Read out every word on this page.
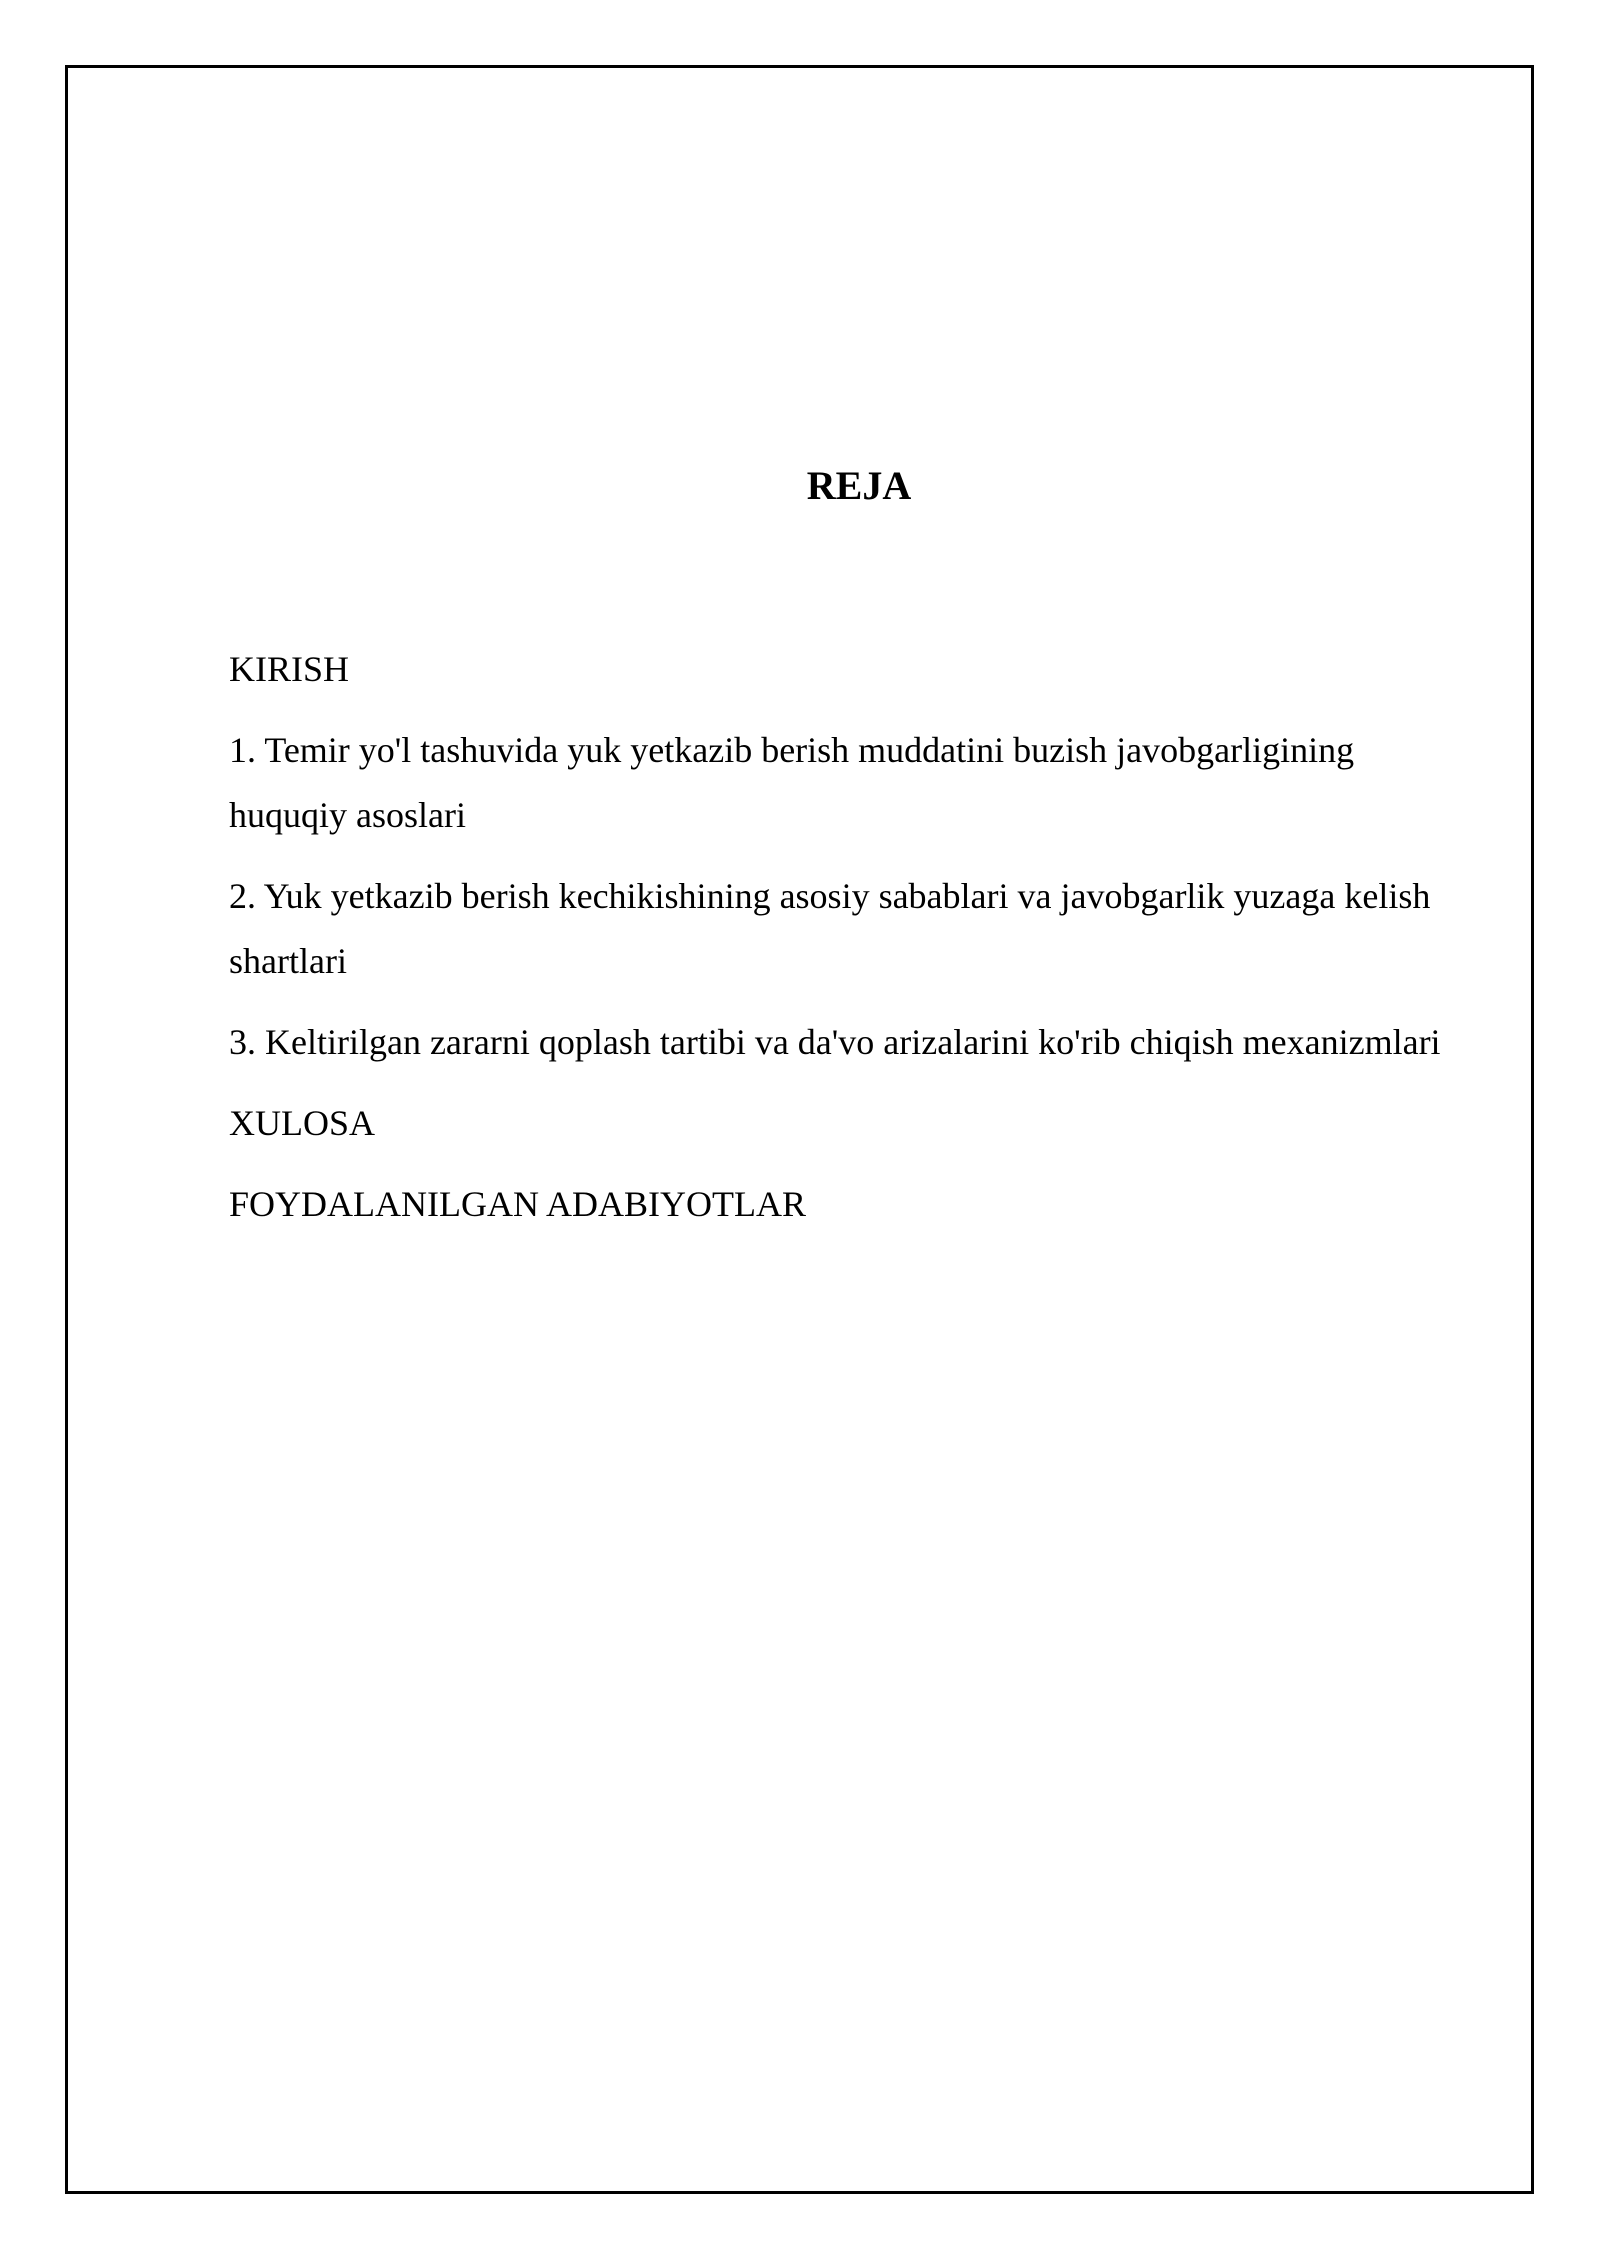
REJA
KIRISH
1. Temir yo'l tashuvida yuk yetkazib berish muddatini buzish javobgarligining huquqiy asoslari
2. Yuk yetkazib berish kechikishining asosiy sabablari va javobgarlik yuzaga kelish shartlari
3. Keltirilgan zararni qoplash tartibi va da'vo arizalarini ko'rib chiqish mexanizmlari
XULOSA
FOYDALANILGAN ADABIYOTLAR
